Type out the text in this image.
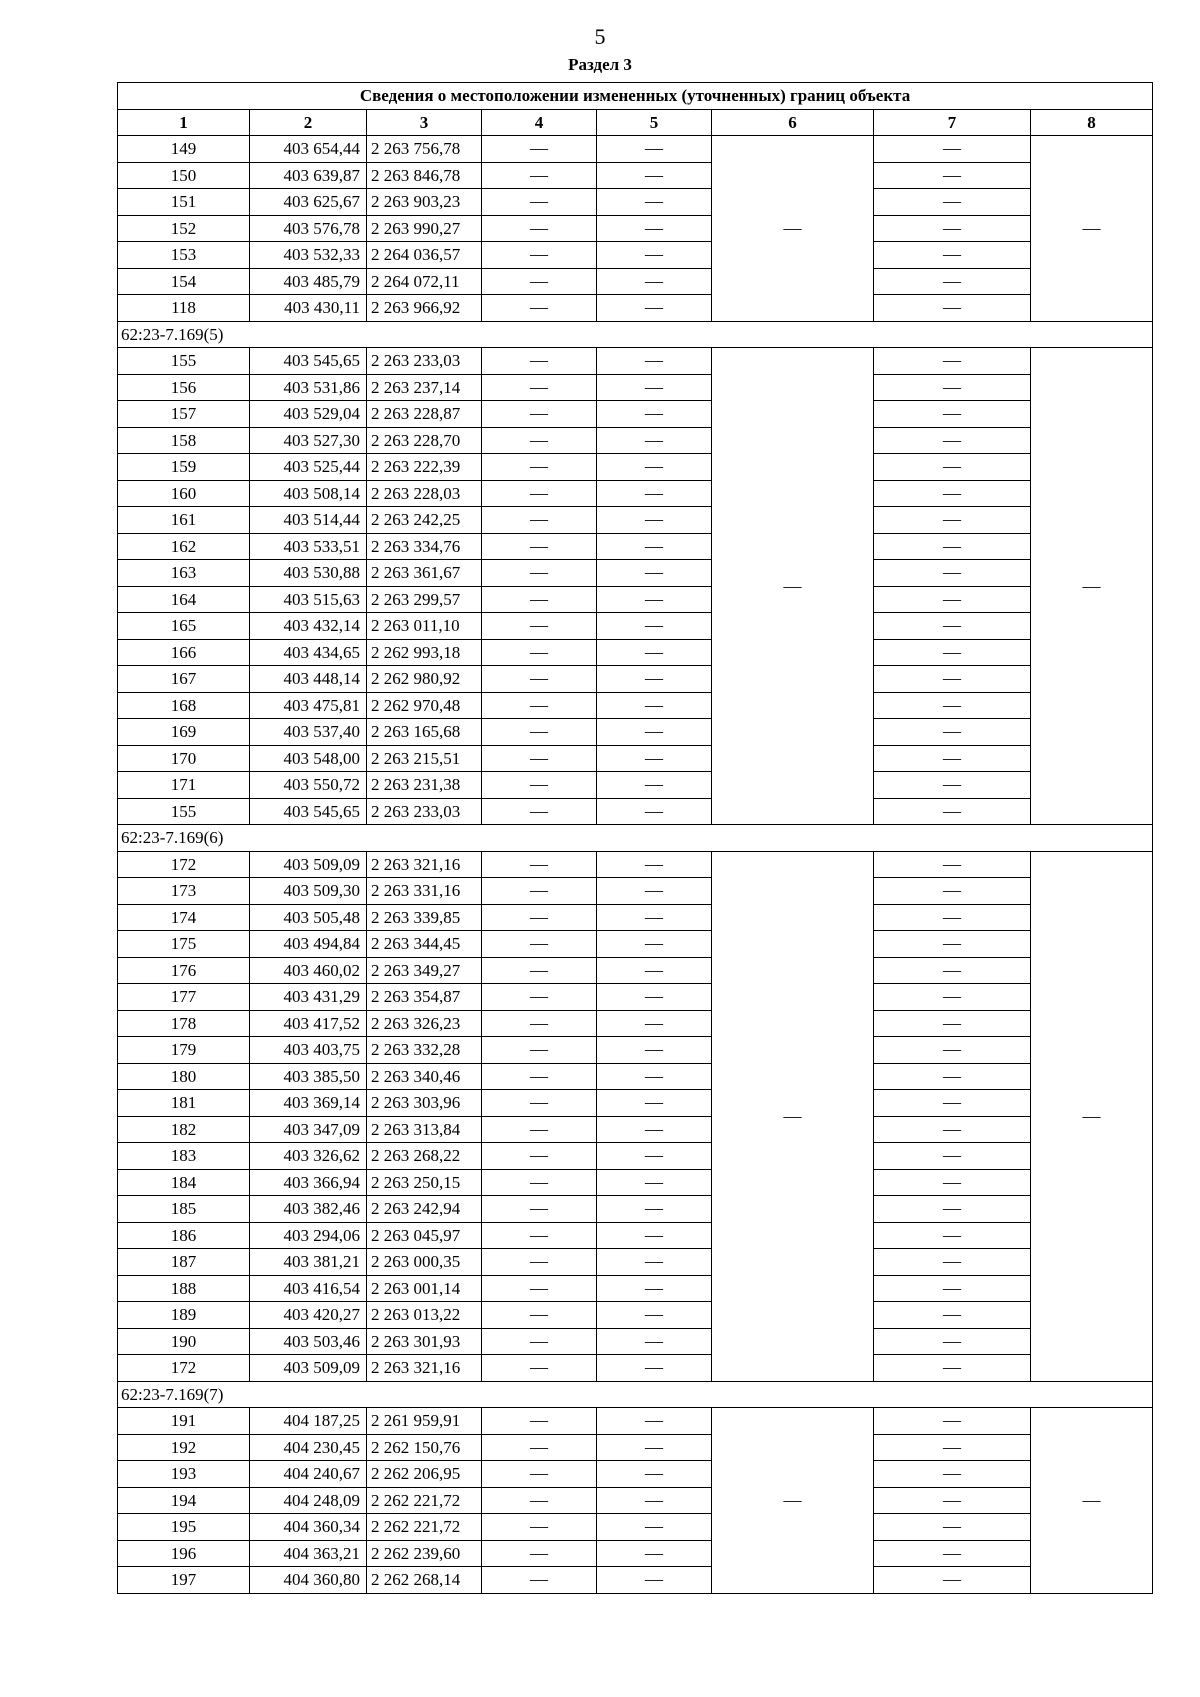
5
Раздел 3
Сведения о местоположении измененных (уточненных) границ объекта							
1	2	3	4	5	6	7	8
149	403 654,44	2 263 756,78	—	—	—	—	—
150	403 639,87	2 263 846,78	—	—		—	
151	403 625,67	2 263 903,23	—	—		—	
152	403 576,78	2 263 990,27	—	—		—	
153	403 532,33	2 264 036,57	—	—		—	
154	403 485,79	2 264 072,11	—	—		—	
118	403 430,11	2 263 966,92	—	—		—	
62:23-7.169(5)							
155	403 545,65	2 263 233,03	—	—	—	—	—
156	403 531,86	2 263 237,14	—	—		—	
157	403 529,04	2 263 228,87	—	—		—	
158	403 527,30	2 263 228,70	—	—		—	
159	403 525,44	2 263 222,39	—	—		—	
160	403 508,14	2 263 228,03	—	—		—	
161	403 514,44	2 263 242,25	—	—		—	
162	403 533,51	2 263 334,76	—	—		—	
163	403 530,88	2 263 361,67	—	—		—	
164	403 515,63	2 263 299,57	—	—		—	
165	403 432,14	2 263 011,10	—	—		—	
166	403 434,65	2 262 993,18	—	—		—	
167	403 448,14	2 262 980,92	—	—		—	
168	403 475,81	2 262 970,48	—	—		—	
169	403 537,40	2 263 165,68	—	—		—	
170	403 548,00	2 263 215,51	—	—		—	
171	403 550,72	2 263 231,38	—	—		—	
155	403 545,65	2 263 233,03	—	—		—	
62:23-7.169(6)							
172	403 509,09	2 263 321,16	—	—	—	—	—
173	403 509,30	2 263 331,16	—	—		—	
174	403 505,48	2 263 339,85	—	—		—	
175	403 494,84	2 263 344,45	—	—		—	
176	403 460,02	2 263 349,27	—	—		—	
177	403 431,29	2 263 354,87	—	—		—	
178	403 417,52	2 263 326,23	—	—		—	
179	403 403,75	2 263 332,28	—	—		—	
180	403 385,50	2 263 340,46	—	—		—	
181	403 369,14	2 263 303,96	—	—		—	
182	403 347,09	2 263 313,84	—	—		—	
183	403 326,62	2 263 268,22	—	—		—	
184	403 366,94	2 263 250,15	—	—		—	
185	403 382,46	2 263 242,94	—	—		—	
186	403 294,06	2 263 045,97	—	—		—	
187	403 381,21	2 263 000,35	—	—		—	
188	403 416,54	2 263 001,14	—	—		—	
189	403 420,27	2 263 013,22	—	—		—	
190	403 503,46	2 263 301,93	—	—		—	
172	403 509,09	2 263 321,16	—	—		—	
62:23-7.169(7)							
191	404 187,25	2 261 959,91	—	—	—	—	—
192	404 230,45	2 262 150,76	—	—		—	
193	404 240,67	2 262 206,95	—	—		—	
194	404 248,09	2 262 221,72	—	—		—	
195	404 360,34	2 262 221,72	—	—		—	
196	404 363,21	2 262 239,60	—	—		—	
197	404 360,80	2 262 268,14	—	—		—	
